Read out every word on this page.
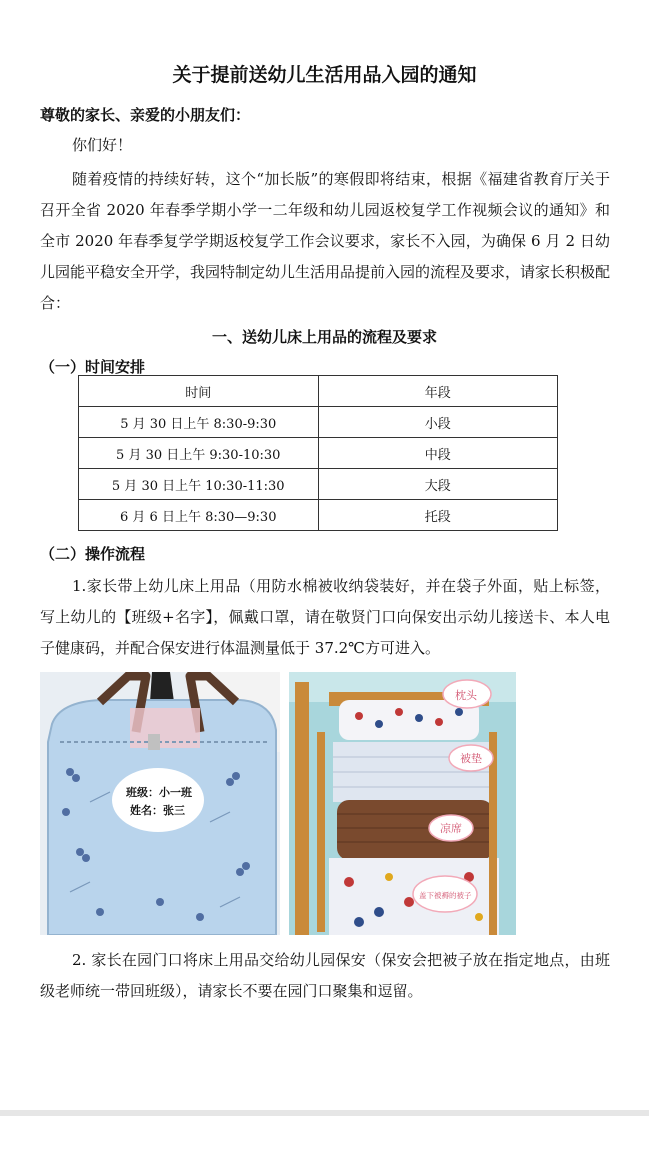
关于提前送幼儿生活用品入园的通知
尊敬的家长、亲爱的小朋友们：
你们好！
随着疫情的持续好转，这个“加长版”的寒假即将结束，根据《福建省教育厅关于召开全省 2020 年春季学期小学一二年级和幼儿园返校复学工作视频会议的通知》和全市 2020 年春季复学学期返校复学工作会议要求，家长不入园，为确保 6 月 2 日幼儿园能平稳安全开学，我园特制定幼儿生活用品提前入园的流程及要求，请家长积极配合：
一、送幼儿床上用品的流程及要求
（一）时间安排
时间	年段
5 月 30 日上午 8:30-9:30	小段
5 月 30 日上午 9:30-10:30	中段
5 月 30 日上午 10:30-11:30	大段
6 月 6 日上午 8:30—9:30	托段
（二）操作流程
1.家长带上幼儿床上用品（用防水棉被收纳袋装好，并在袋子外面，贴上标签，写上幼儿的【班级+名字】，佩戴口罩，请在敬贤门口向保安出示幼儿接送卡、本人电子健康码，并配合保安进行体温测量低于 37.2℃方可进入。
班级：小一班
姓名：张三
枕头
被垫
凉席
盖下被褥的被子
2. 家长在园门口将床上用品交给幼儿园保安（保安会把被子放在指定地点，由班级老师统一带回班级），请家长不要在园门口聚集和逗留。
